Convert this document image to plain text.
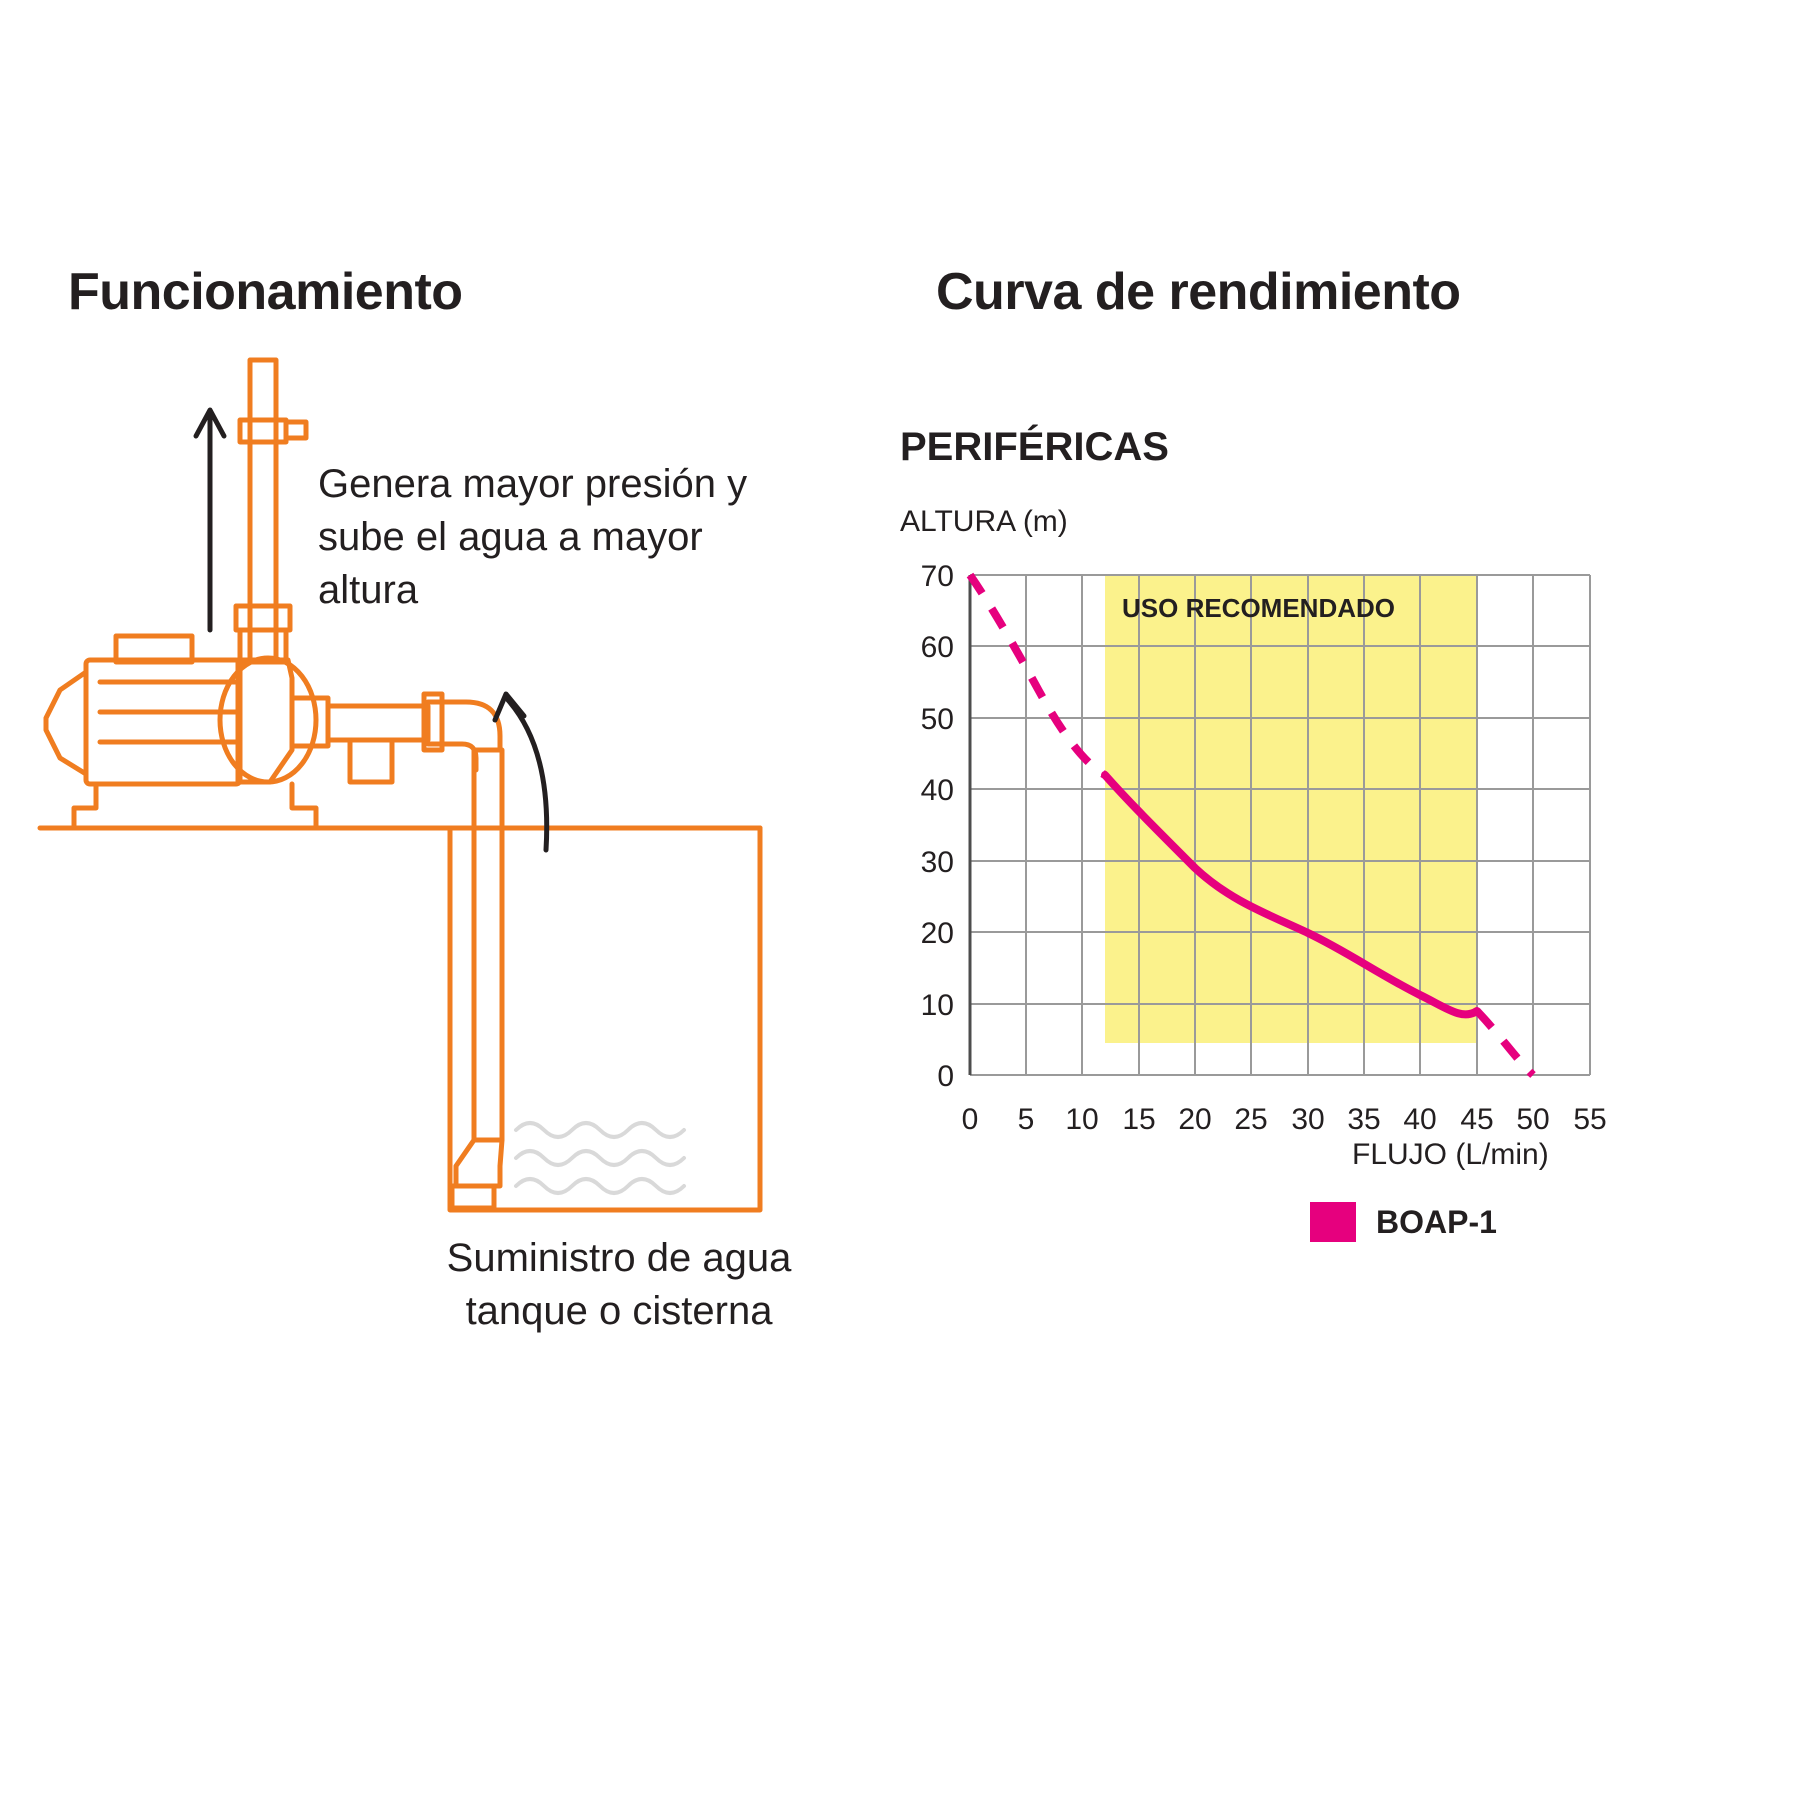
Funcionamiento
Genera mayor presión y sube el agua a mayor altura
Suministro de agua tanque o cisterna
Curva de rendimiento
PERIFÉRICAS
ALTURA (m)
USO RECOMENDADO
70
60
50
40
30
20
10
0
0 5 10 15 20 25 30 35 40 45 50 55
FLUJO (L/min)
BOAP-1
